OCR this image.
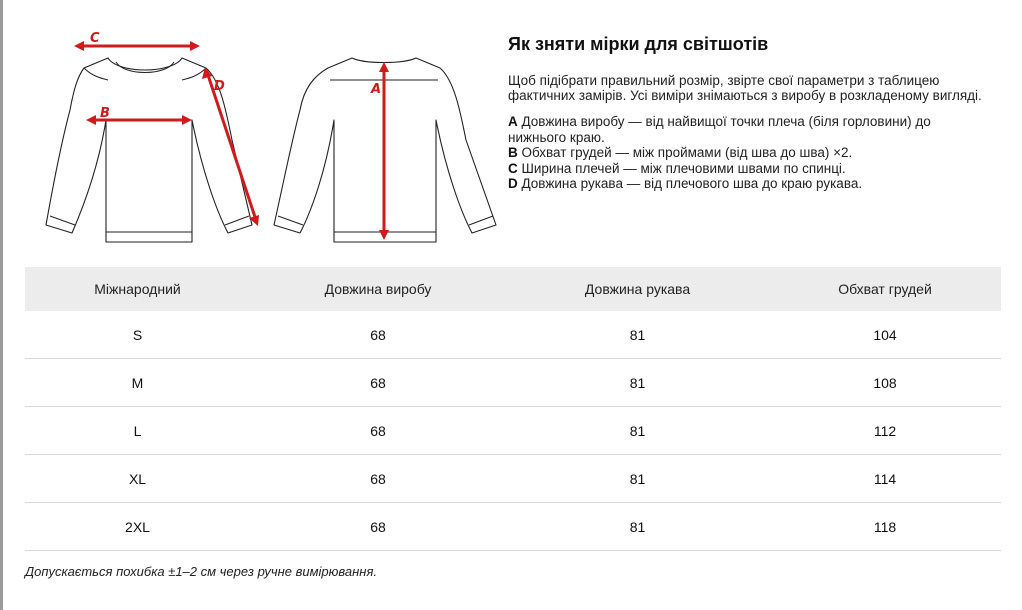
C
D
B
A
Як зняти мірки для світшотів

Щоб підібрати правильний розмір, звірте свої параметри з таблицею фактичних замірів. Усі виміри знімаються з виробу в розкладеному вигляді.

A Довжина виробу — від найвищої точки плеча (біля горловини) до нижнього краю.
B Обхват грудей — між проймами (від шва до шва) ×2.
C Ширина плечей — між плечовими швами по спинці.
D Довжина рукава — від плечового шва до краю рукава.
Міжнародний	Довжина виробу	Довжина рукава	Обхват грудей
S	68	81	104
M	68	81	108
L	68	81	112
XL	68	81	114
2XL	68	81	118

Допускається похибка ±1–2 см через ручне вимірювання.
